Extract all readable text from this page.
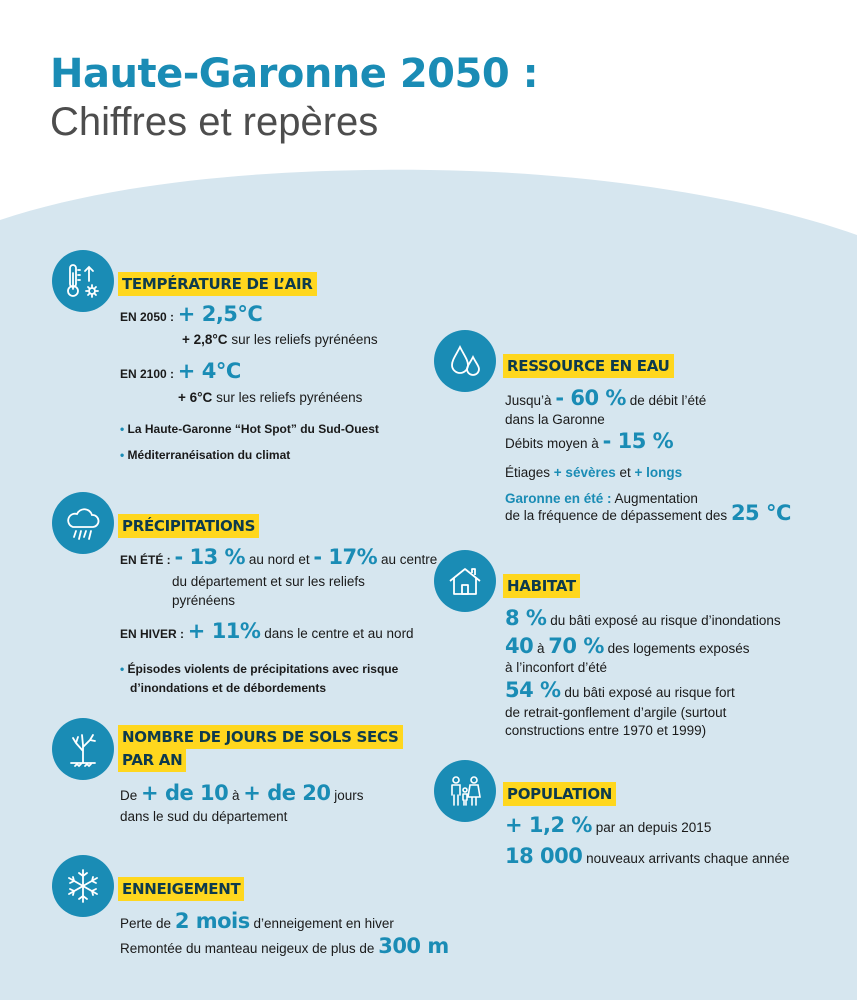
Haute-Garonne 2050 :
Chiffres et repères
TEMPÉRATURE DE L’AIR
EN 2050 : + 2,5°C
+ 2,8°C sur les reliefs pyrénéens
EN 2100 : + 4°C
+ 6°C sur les reliefs pyrénéens
• La Haute-Garonne “Hot Spot” du Sud-Ouest
• Méditerranéisation du climat
PRÉCIPITATIONS
EN ÉTÉ : - 13 % au nord et - 17% au centre
du département et sur les reliefs
pyrénéens
EN HIVER : + 11% dans le centre et au nord
• Épisodes violents de précipitations avec risque
d’inondations et de débordements
NOMBRE DE JOURS DE SOLS SECS
PAR AN
De + de 10 à + de 20 jours
dans le sud du département
ENNEIGEMENT
Perte de 2 mois d’enneigement en hiver
Remontée du manteau neigeux de plus de 300 m
RESSOURCE EN EAU
Jusqu’à - 60 % de débit l’été
dans la Garonne
Débits moyen à - 15 %
Étiages + sévères et + longs
Garonne en été : Augmentation
de la fréquence de dépassement des 25 °C
HABITAT
8 % du bâti exposé au risque d’inondations
40 à 70 % des logements exposés
à l’inconfort d’été
54 % du bâti exposé au risque fort
de retrait-gonflement d’argile (surtout
constructions entre 1970 et 1999)
POPULATION
+ 1,2 % par an depuis 2015
18 000 nouveaux arrivants chaque année
